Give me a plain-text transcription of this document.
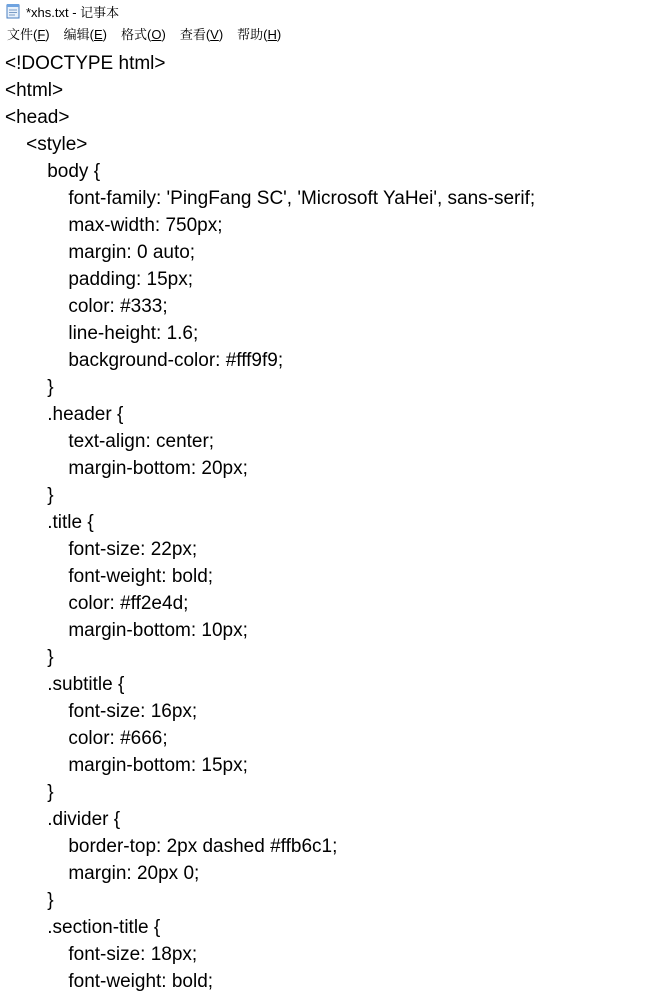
*xhs.txt - 记事本
文件(F)	编辑(E)	格式(O)	查看(V)	帮助(H)
<!DOCTYPE html>
<html>
<head>
<style>
body {
font-family: 'PingFang SC', 'Microsoft YaHei', sans-serif;
max-width: 750px;
margin: 0 auto;
padding: 15px;
color: #333;
line-height: 1.6;
background-color: #fff9f9;
}
.header {
text-align: center;
margin-bottom: 20px;
}
.title {
font-size: 22px;
font-weight: bold;
color: #ff2e4d;
margin-bottom: 10px;
}
.subtitle {
font-size: 16px;
color: #666;
margin-bottom: 15px;
}
.divider {
border-top: 2px dashed #ffb6c1;
margin: 20px 0;
}
.section-title {
font-size: 18px;
font-weight: bold;
